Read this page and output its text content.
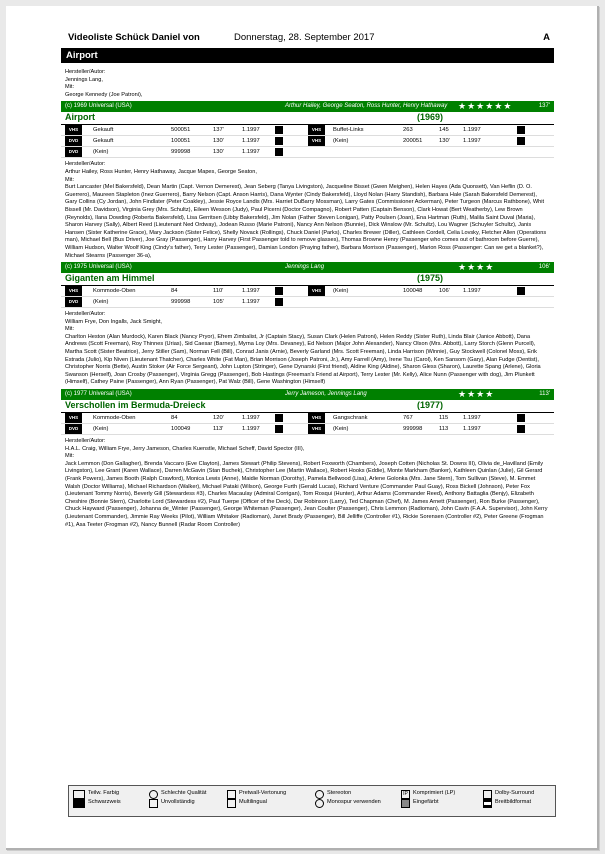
Videoliste Schück Daniel von	Donnerstag, 28. September 2017	A
Airport
Hersteller/Autor:
Jennings Lang,
Mit:
George Kennedy (Joe Patroni),
(c) 1969 Universal (USA)	Arthur Hailey, George Seaton, Ross Hunter, Henry Hathaway ★★★★★★	137'
Airport	(1969)
VHS	Gekauft	500051	137'	1.1997	VHS	Buffet-Links	263	145 1.1997
DVD	Gekauft	100051	130'	1.1997	VHS	(Kein)	200051	130' 1.1997
DVD	(Kein)	999998	130'	1.1997
Hersteller/Autor:
Arthur Hailey, Ross Hunter, Henry Hathaway, Jacque Mapes, George Seaton,
Mit:
Burt Lancaster (Mel Bakersfeld), Dean Martin (Capt. Vernon Demerest), Jean Seberg (Tanya Livingston), Jacqueline Bisset (Gwen Meighen), Helen Hayes (Ada Quonsett), Van Heflin (D. O. Guerrero), Maureen Stapleton (Inez Guerrero), Barry Nelson (Capt. Anson Harris), Dana Wynter (Cindy Bakersfeld), Lloyd Nolan (Harry Standish), Barbara Hale (Sarah Bakersfeld Demerest), Gary Collins (Cy Jordan), John Findlater (Peter Coakley), Jessie Royce Landis (Mrs. Harriet DuBarry Mossman), Larry Gates (Commissioner Ackerman), Peter Turgeon (Marcus Rathbone), Whit Bissell (Mr. Davidson), Virginia Grey (Mrs. Schultz), Eileen Wesson (Judy), Paul Picerni (Doctor Compagno), Robert Patten (Captain Benson), Clark Howat (Bert Weatherby), Lew Brown (Reynolds), Ilana Dowding (Roberta Bakersfeld), Lisa Gerritsen (Libby Bakersfeld), Jim Nolan (Father Steven Lonigan), Patty Poulsen (Joan), Ena Hartman (Ruth), Malila Saint Duval (Maria), Sharon Harvey (Sally), Albert Reed (Lieutenant Ned Ordway), Jodean Russo (Marie Patroni), Nancy Ann Nelson (Bunnie), Dick Winslow (Mr. Schultz), Lou Wagner (Schuyler Schultz), Janis Hansen (Sister Katherine Grace), Mary Jackson (Sister Felice), Shelly Novack (Rollings), Chuck Daniel (Parks), Charles Brewer (Diller), Cathleen Cordell, Celia Lovsky, Fletcher Allen (Operations man), Michael Bell (Bus Driver), Joe Gray (Passenger), Harry Harvey (First Passenger told to remove glasses), Thomas Browne Henry (Passenger who comes out of bathroom before Guerre), William Hudson, Walter Woolf King (Cindy's father), Terry Lester (Passenger), Damian London (Praying father), Barbara Morrison (Passenger), Marion Ross (Passenger: Can we get a blanket?), Michael Stearns (Passenger 36-a),
(c) 1975 Universal (USA)	Jennings Lang	★★★★	106'
Giganten am Himmel	(1975)
VHS	Kommode-Oben	84	110'	1.1997	VHS	(Kein)	100048	106' 1.1997
DVD	(Kein)	999998	105'	1.1997
Hersteller/Autor:
William Frye, Don Ingalls, Jack Smight,
Mit:
Charlton Heston (Alan Murdock), Karen Black (Nancy Pryor), Efrem Zimbalist, Jr (Captain Stacy), Susan Clark (Helen Patroni), Helen Reddy (Sister Ruth), Linda Blair (Janice Abbott), Dana Andrews (Scott Freeman), Roy Thinnes (Urias), Sid Caesar (Barney), Myrna Loy (Mrs. Devaney), Ed Nelson (Major John Alexander), Nancy Olson (Mrs. Abbott), Larry Storch (Glenn Purcell), Martha Scott (Sister Beatrice), Jerry Stiller (Sam), Norman Fell (Bill), Conrad Janis (Arnie), Beverly Garland (Mrs. Scott Freeman), Linda Harrison (Winnie), Guy Stockwell (Colonel Moss), Erik Estrada (Julio), Kip Niven (Lieutenant Thatcher), Charles White (Fat Man), Brian Morrison (Joseph Patroni, Jr.), Amy Farrell (Amy), Irene Tsu (Carol), Ken Sansom (Gary), Alan Fudge (Dentist), Christopher Norris (Bette), Austin Stoker (Air Force Sergeant), John Lupton (Stringer), Gene Dynarski (First friend), Aldine King (Aldine), Sharon Gless (Sharon), Laurette Spang (Arlene), Gloria Swanson (Herself), Joan Crosby (Passenger), Virginia Gregg (Passenger), Bob Hastings (Freeman's Friend at Airport), Terry Lester (Mr. Kelly), Alice Nunn (Passenger with dog), Jim Plunkett (Himself), Cathey Paine (Passenger), Ann Ryan (Passenger), Pat Walz (Bill), Gene Washington (Himself)
(c) 1977 Universal (USA)	Jerry Jameson, Jennings Lang	★★★★	113'
Verschollen im Bermuda-Dreieck	(1977)
VHS	Kommode-Oben	84	120'	1.1997	VHS	Gangschrank	767	115	1.1997
DVD	(Kein)	100049	113'	1.1997	VHS	(Kein)	999998	113	1.1997
Hersteller/Autor:
H.A.L. Craig, William Frye, Jerry Jameson, Charles Kuenstle, Michael Scheff, David Spector (III),
Mit:
Jack Lemmon (Don Gallagher), Brenda Vaccaro (Eve Clayton), James Stewart (Philip Stevens), Robert Foxworth (Chambers), Joseph Cotten (Nicholas St. Downs III), Olivia de_Havilland (Emily Livingston), Lee Grant (Karen Wallace), Darren McGavin (Stan Buchek), Christopher Lee (Martin Wallace), Robert Hooks (Eddie), Monte Markham (Banker), Kathleen Quinlan (Julie), Gil Gerard (Frank Powers), James Booth (Ralph Crawford), Monica Lewis (Anne), Maidie Norman (Dorothy), Pamela Bellwood (Lisa), Arlene Golonka (Mrs. Jane Stern), Tom Sullivan (Steve), M. Emmet Walsh (Doctor Williams), Michael Richardson (Walker), Michael Pataki (Wilson), George Furth (Gerald Lucas), Richard Venture (Commander Paul Guay), Ross Bickell (Johnson), Peter Fox (Lieutenant Tommy Norris), Beverly Gill (Stewardess #3), Charles Macaulay (Admiral Corrigan), Tom Rosqui (Hunter), Arthur Adams (Commander Reed), Anthony Battaglia (Benjy), Elizabeth Cheshire (Bonnie Stern), Charlotte Lord (Stewardess #2), Paul Tuerpe (Officer of the Deck), Dar Robinson (Larry), Ted Chapman (Chef), M. James Arnett (Passenger), Ron Burke (Passenger), Chuck Hayward (Passenger), Johanna de_Winter (Passenger), George Whiteman (Passenger), Jean Coulter (Passenger), Chris Lemmon (Radioman), John Cavin (F.A.A. Supervisor), John Kerry (Lieutenant Commander), Jimmie Ray Weeks (Pilot), William Whitaker (Radioman), Janet Brady (Passenger), Bill Jelliffe (Controller #1), Rickie Sorensen (Controller #2), Peter Greene (Frogman #1), Asa Teeter (Frogman #2), Nancy Bunnell (Radar Room Controller)
Teilw. Farbig
Schwarzweis
Schlechte Qualität
Unvollständig
Pretwall-Vertonung
Multilingual
Stereoton
Monospur verwenden
IP Komprimiert (LP)
Eingefärbt
Dolby-Surround
Breitbildformat
